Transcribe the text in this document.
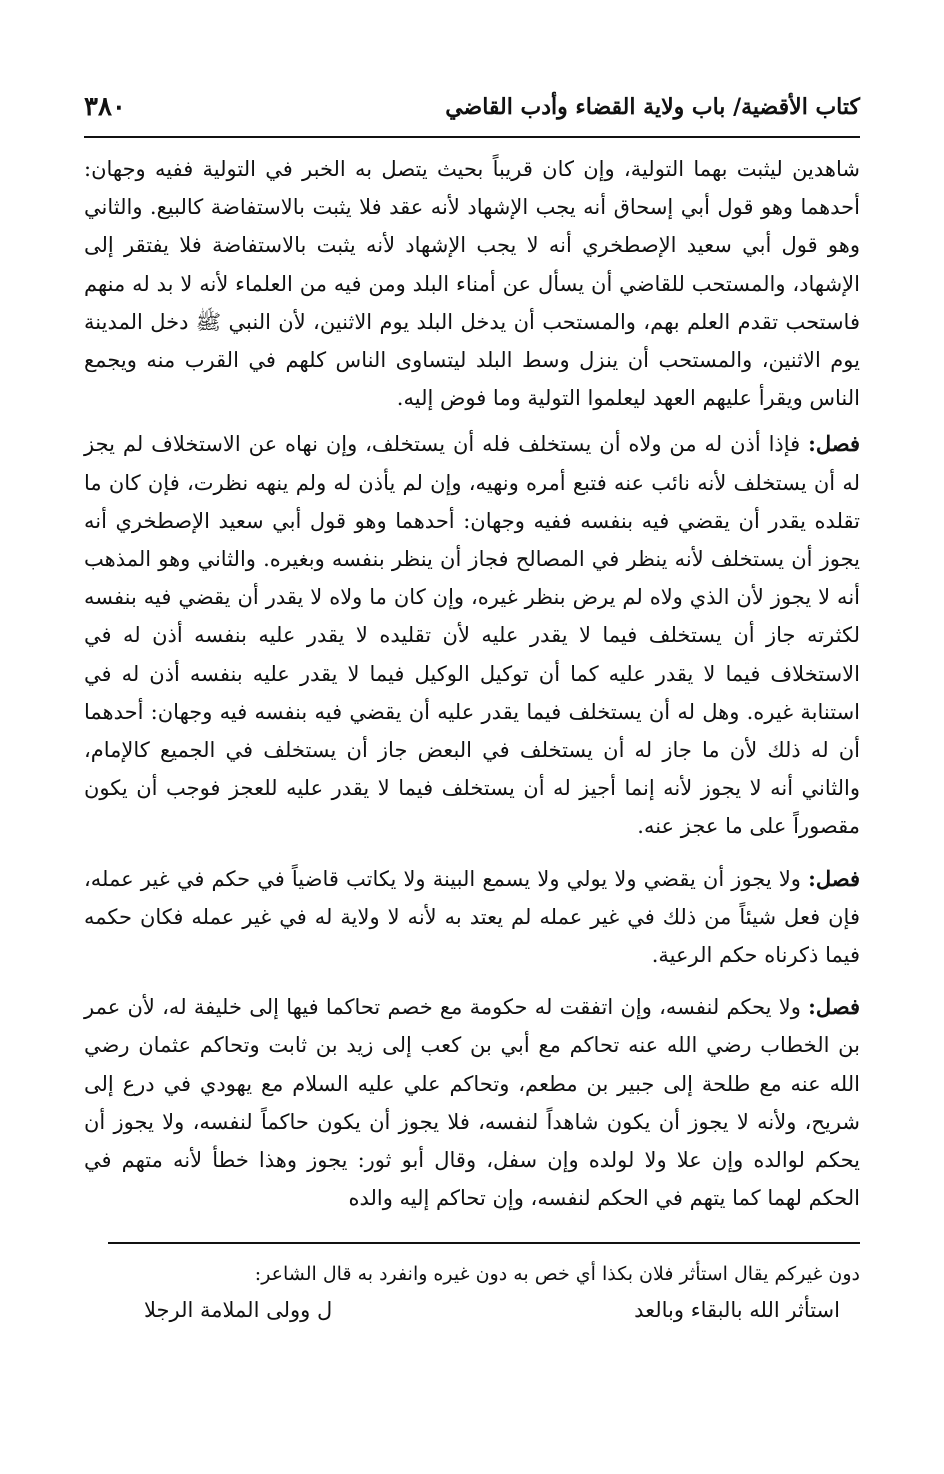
كتاب الأقضية/ باب ولاية القضاء وأدب القاضي
٣٨٠

شاهدين ليثبت بهما التولية، وإن كان قريباً بحيث يتصل به الخبر في التولية ففيه وجهان: أحدهما وهو قول أبي إسحاق أنه يجب الإشهاد لأنه عقد فلا يثبت بالاستفاضة كالبيع. والثاني وهو قول أبي سعيد الإصطخري أنه لا يجب الإشهاد لأنه يثبت بالاستفاضة فلا يفتقر إلى الإشهاد، والمستحب للقاضي أن يسأل عن أمناء البلد ومن فيه من العلماء لأنه لا بد له منهم فاستحب تقدم العلم بهم، والمستحب أن يدخل البلد يوم الاثنين، لأن النبي ﷺ دخل المدينة يوم الاثنين، والمستحب أن ينزل وسط البلد ليتساوى الناس كلهم في القرب منه ويجمع الناس ويقرأ عليهم العهد ليعلموا التولية وما فوض إليه.

فصل: فإذا أذن له من ولاه أن يستخلف فله أن يستخلف، وإن نهاه عن الاستخلاف لم يجز له أن يستخلف لأنه نائب عنه فتبع أمره ونهيه، وإن لم يأذن له ولم ينهه نظرت، فإن كان ما تقلده يقدر أن يقضي فيه بنفسه ففيه وجهان: أحدهما وهو قول أبي سعيد الإصطخري أنه يجوز أن يستخلف لأنه ينظر في المصالح فجاز أن ينظر بنفسه وبغيره. والثاني وهو المذهب أنه لا يجوز لأن الذي ولاه لم يرض بنظر غيره، وإن كان ما ولاه لا يقدر أن يقضي فيه بنفسه لكثرته جاز أن يستخلف فيما لا يقدر عليه لأن تقليده لا يقدر عليه بنفسه أذن له في الاستخلاف فيما لا يقدر عليه كما أن توكيل الوكيل فيما لا يقدر عليه بنفسه أذن له في استنابة غيره. وهل له أن يستخلف فيما يقدر عليه أن يقضي فيه بنفسه فيه وجهان: أحدهما أن له ذلك لأن ما جاز له أن يستخلف في البعض جاز أن يستخلف في الجميع كالإمام، والثاني أنه لا يجوز لأنه إنما أجيز له أن يستخلف فيما لا يقدر عليه للعجز فوجب أن يكون مقصوراً على ما عجز عنه.

فصل: ولا يجوز أن يقضي ولا يولي ولا يسمع البينة ولا يكاتب قاضياً في حكم في غير عمله، فإن فعل شيئاً من ذلك في غير عمله لم يعتد به لأنه لا ولاية له في غير عمله فكان حكمه فيما ذكرناه حكم الرعية.

فصل: ولا يحكم لنفسه، وإن اتفقت له حكومة مع خصم تحاكما فيها إلى خليفة له، لأن عمر بن الخطاب رضي الله عنه تحاكم مع أبي بن كعب إلى زيد بن ثابت وتحاكم عثمان رضي الله عنه مع طلحة إلى جبير بن مطعم، وتحاكم علي عليه السلام مع يهودي في درع إلى شريح، ولأنه لا يجوز أن يكون شاهداً لنفسه، فلا يجوز أن يكون حاكماً لنفسه، ولا يجوز أن يحكم لوالده وإن علا ولا لولده وإن سفل، وقال أبو ثور: يجوز وهذا خطأ لأنه متهم في الحكم لهما كما يتهم في الحكم لنفسه، وإن تحاكم إليه والده

دون غيركم يقال استأثر فلان بكذا أي خص به دون غيره وانفرد به قال الشاعر:
استأثر الله بالبقاء وبالعد
ل وولى الملامة الرجلا
